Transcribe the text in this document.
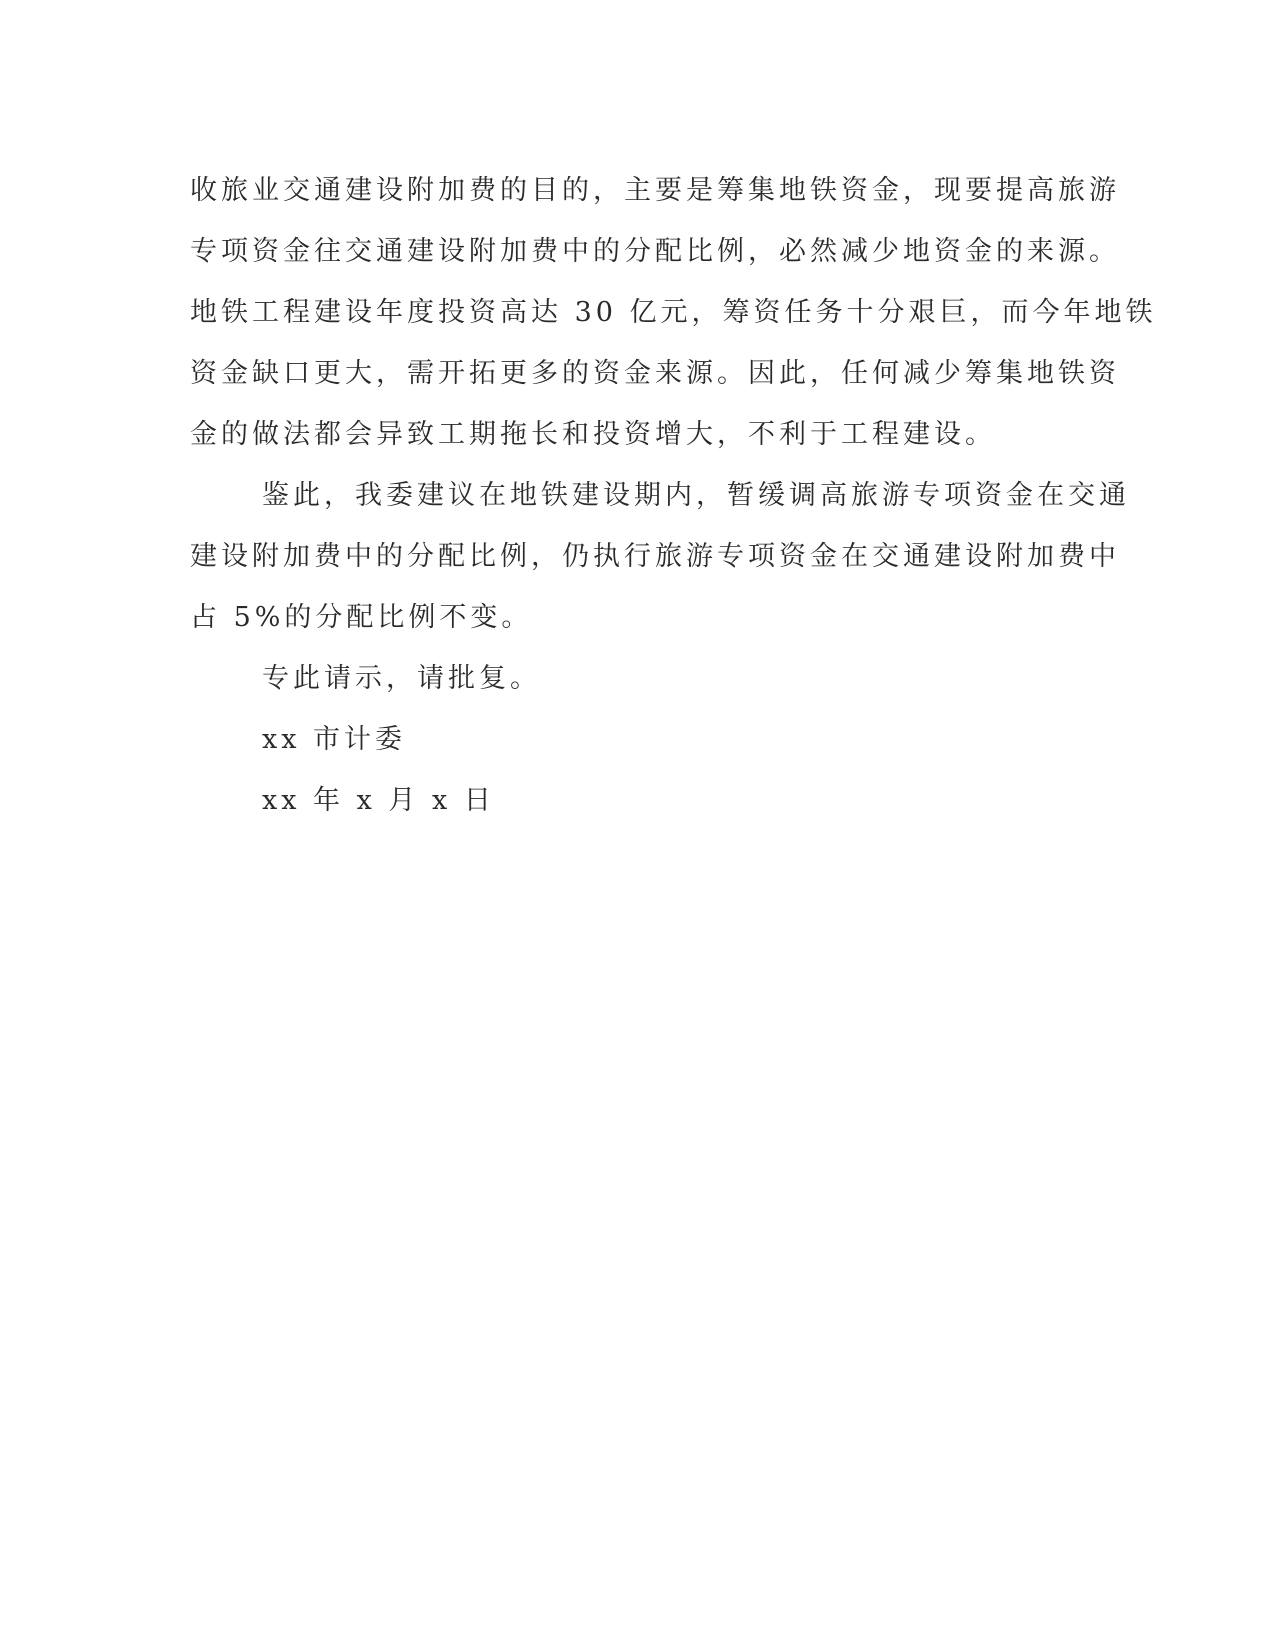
收旅业交通建设附加费的目的，主要是筹集地铁资金，现要提高旅游
专项资金往交通建设附加费中的分配比例，必然减少地资金的来源。
地铁工程建设年度投资高达 30 亿元，筹资任务十分艰巨，而今年地铁
资金缺口更大，需开拓更多的资金来源。因此，任何减少筹集地铁资
金的做法都会异致工期拖长和投资增大，不利于工程建设。
鉴此，我委建议在地铁建设期内，暂缓调高旅游专项资金在交通
建设附加费中的分配比例，仍执行旅游专项资金在交通建设附加费中
占 5%的分配比例不变。
专此请示，请批复。
xx 市计委
xx 年 x 月 x 日
